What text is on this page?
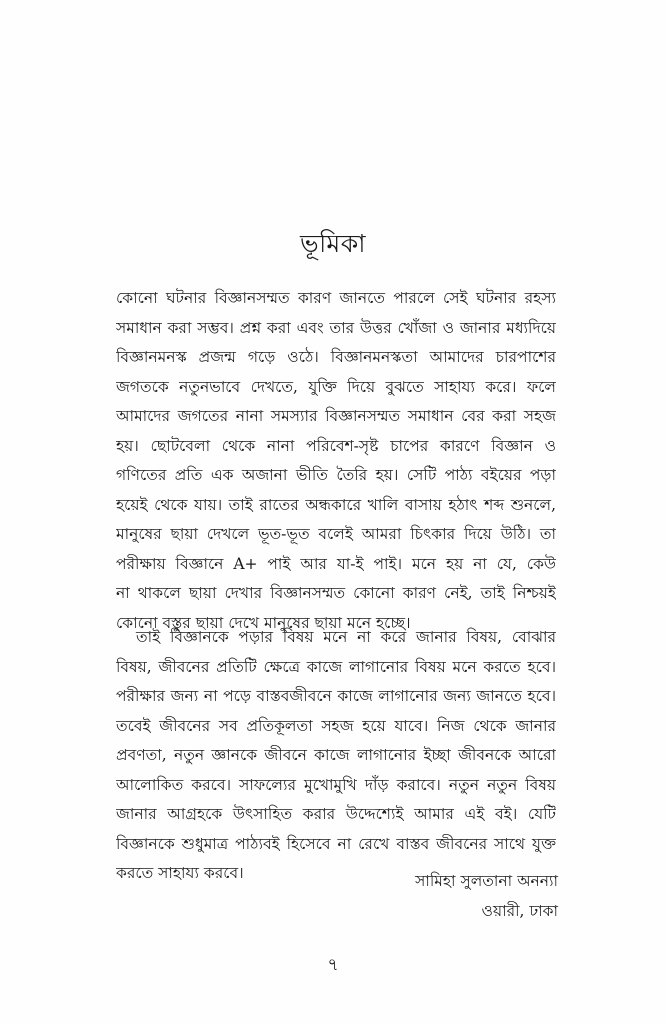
ভূমিকা
কোনো ঘটনার বিজ্ঞানসম্মত কারণ জানতে পারলে সেই ঘটনার রহস্য
সমাধান করা সম্ভব। প্রশ্ন করা এবং তার উত্তর খোঁজা ও জানার মধ্যদিয়ে
বিজ্ঞানমনস্ক প্রজন্ম গড়ে ওঠে। বিজ্ঞানমনস্কতা আমাদের চারপাশের
জগতকে নতুনভাবে দেখতে, যুক্তি দিয়ে বুঝতে সাহায্য করে। ফলে
আমাদের জগতের নানা সমস্যার বিজ্ঞানসম্মত সমাধান বের করা সহজ
হয়। ছোটবেলা থেকে নানা পরিবেশ-সৃষ্ট চাপের কারণে বিজ্ঞান ও
গণিতের প্রতি এক অজানা ভীতি তৈরি হয়। সেটি পাঠ্য বইয়ের পড়া
হয়েই থেকে যায়। তাই রাতের অন্ধকারে খালি বাসায় হঠাৎ শব্দ শুনলে,
মানুষের ছায়া দেখলে ভূত-ভূত বলেই আমরা চিৎকার দিয়ে উঠি। তা
পরীক্ষায় বিজ্ঞানে A+ পাই আর যা-ই পাই। মনে হয় না যে, কেউ
না থাকলে ছায়া দেখার বিজ্ঞানসম্মত কোনো কারণ নেই, তাই নিশ্চয়ই
কোনো বস্তুর ছায়া দেখে মানুষের ছায়া মনে হচ্ছে।
তাই বিজ্ঞানকে পড়ার বিষয় মনে না করে জানার বিষয়, বোঝার
বিষয়, জীবনের প্রতিটি ক্ষেত্রে কাজে লাগানোর বিষয় মনে করতে হবে।
পরীক্ষার জন্য না পড়ে বাস্তবজীবনে কাজে লাগানোর জন্য জানতে হবে।
তবেই জীবনের সব প্রতিকূলতা সহজ হয়ে যাবে। নিজ থেকে জানার
প্রবণতা, নতুন জ্ঞানকে জীবনে কাজে লাগানোর ইচ্ছা জীবনকে আরো
আলোকিত করবে। সাফল্যের মুখোমুখি দাঁড় করাবে। নতুন নতুন বিষয়
জানার আগ্রহকে উৎসাহিত করার উদ্দেশ্যেই আমার এই বই। যেটি
বিজ্ঞানকে শুধুমাত্র পাঠ্যবই হিসেবে না রেখে বাস্তব জীবনের সাথে যুক্ত
করতে সাহায্য করবে।	সামিহা সুলতানা অনন্যা
ওয়ারী, ঢাকা
৭
